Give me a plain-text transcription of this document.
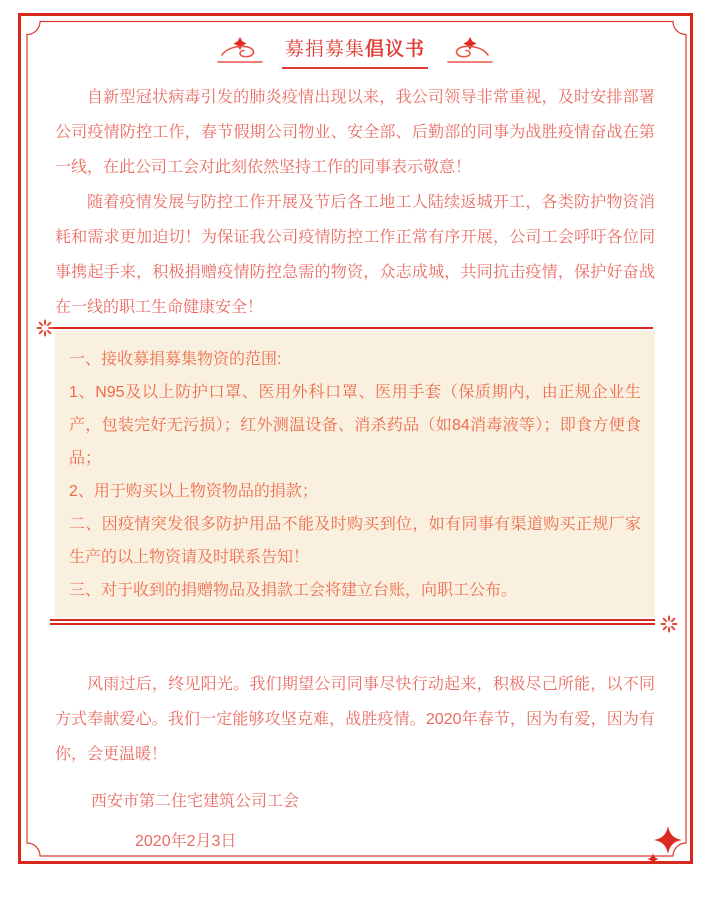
募捐募集倡议书

自新型冠状病毒引发的肺炎疫情出现以来，我公司领导非常重视，及时安排部署公司疫情防控工作，春节假期公司物业、安全部、后勤部的同事为战胜疫情奋战在第一线，在此公司工会对此刻依然坚持工作的同事表示敬意！

随着疫情发展与防控工作开展及节后各工地工人陆续返城开工，各类防护物资消耗和需求更加迫切！为保证我公司疫情防控工作正常有序开展，公司工会呼吁各位同事携起手来，积极捐赠疫情防控急需的物资，众志成城，共同抗击疫情，保护好奋战在一线的职工生命健康安全！

一、接收募捐募集物资的范围:

1、N95及以上防护口罩、医用外科口罩、医用手套（保质期内，由正规企业生产，包装完好无污损）；红外测温设备、消杀药品（如84消毒液等）；即食方便食品；

2、用于购买以上物资物品的捐款；

二、因疫情突发很多防护用品不能及时购买到位，如有同事有渠道购买正规厂家生产的以上物资请及时联系告知！

三、对于收到的捐赠物品及捐款工会将建立台账，向职工公布。

风雨过后，终见阳光。我们期望公司同事尽快行动起来，积极尽己所能，以不同方式奉献爱心。我们一定能够攻坚克难，战胜疫情。2020年春节，因为有爱，因为有你，会更温暖！

西安市第二住宅建筑公司工会
2020年2月3日
